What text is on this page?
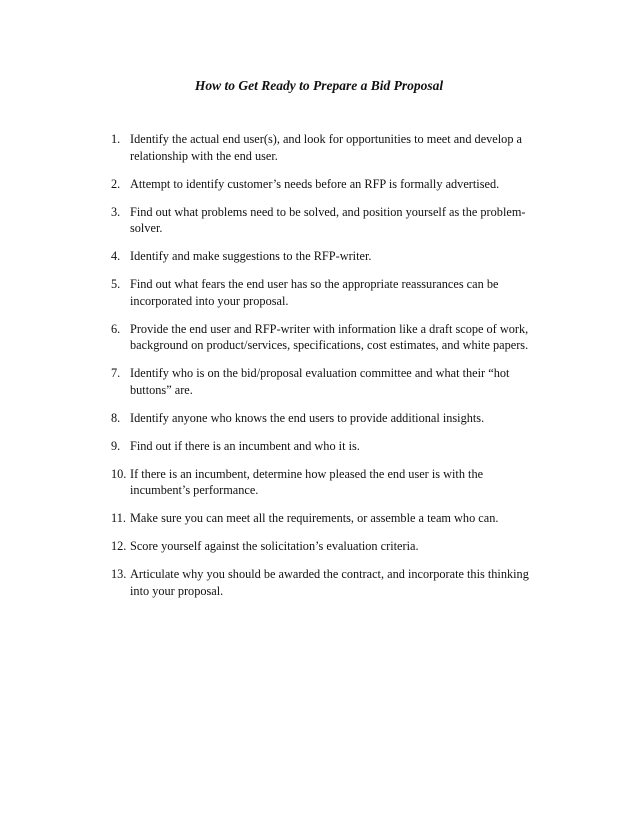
How to Get Ready to Prepare a Bid Proposal
1. Identify the actual end user(s), and look for opportunities to meet and develop a relationship with the end user.
2. Attempt to identify customer’s needs before an RFP is formally advertised.
3. Find out what problems need to be solved, and position yourself as the problem-solver.
4. Identify and make suggestions to the RFP-writer.
5. Find out what fears the end user has so the appropriate reassurances can be incorporated into your proposal.
6. Provide the end user and RFP-writer with information like a draft scope of work, background on product/services, specifications, cost estimates, and white papers.
7. Identify who is on the bid/proposal evaluation committee and what their “hot buttons” are.
8. Identify anyone who knows the end users to provide additional insights.
9. Find out if there is an incumbent and who it is.
10. If there is an incumbent, determine how pleased the end user is with the incumbent’s performance.
11. Make sure you can meet all the requirements, or assemble a team who can.
12. Score yourself against the solicitation’s evaluation criteria.
13. Articulate why you should be awarded the contract, and incorporate this thinking into your proposal.
